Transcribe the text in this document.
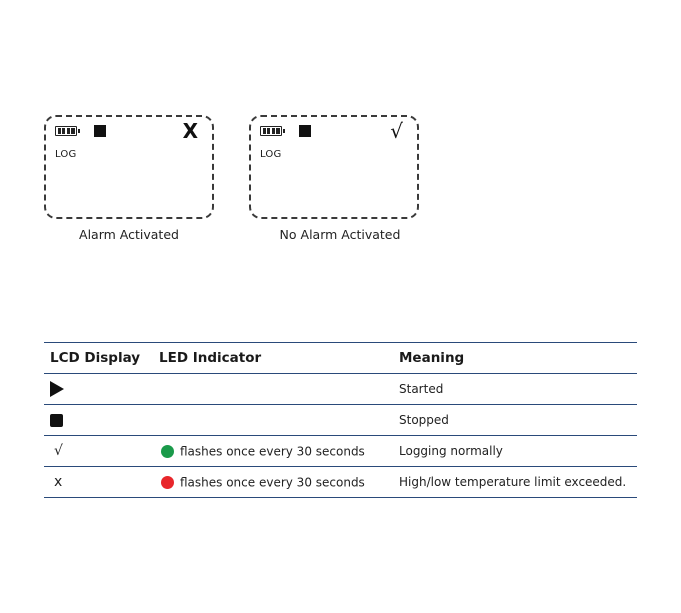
X
LOG
Alarm Activated
√
LOG
No Alarm Activated
LCD Display	LED Indicator	Meaning
		Started
		Stopped
√	flashes once every 30 seconds	Logging normally
x	flashes once every 30 seconds	High/low temperature limit exceeded.
